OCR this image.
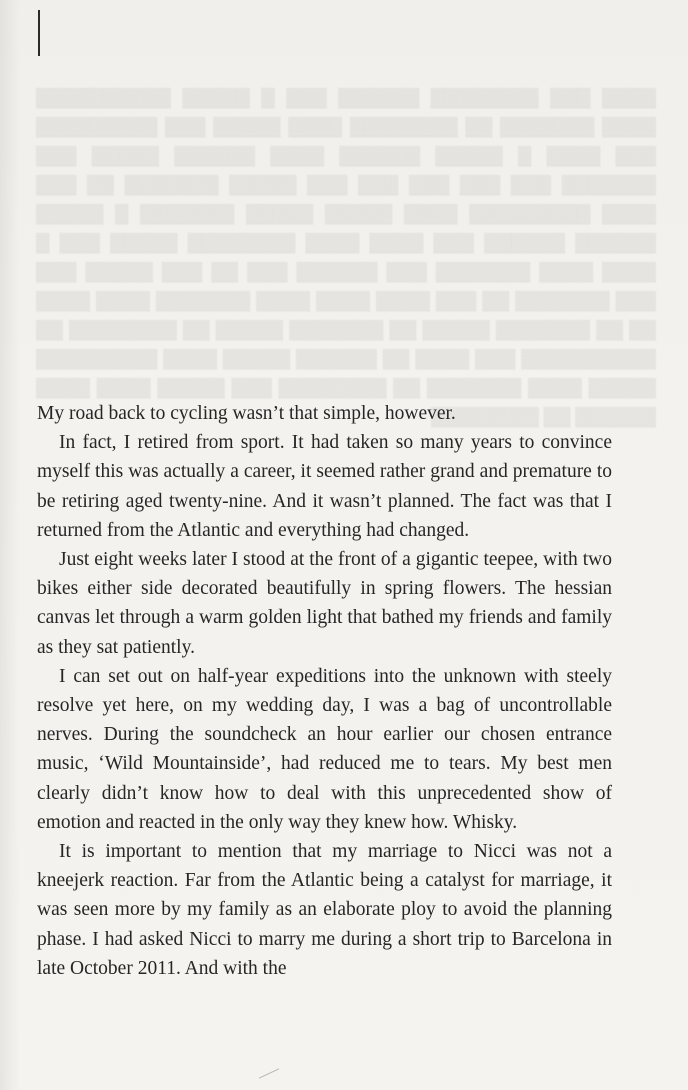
▓▓▓▓ ▓▓▓ ▓▓▓▓▓▓▓▓ ▓▓▓▓▓▓ ▓▓▓ ▓ ▓▓▓▓▓ ▓▓▓▓▓▓▓▓▓▓ ▓▓▓▓ ▓▓▓▓▓▓▓ ▓▓ ▓▓▓▓▓▓▓▓ ▓▓▓▓ ▓▓▓▓▓ ▓▓▓ ▓▓▓▓▓▓▓▓▓ ▓▓▓ ▓▓▓▓ ▓ ▓▓▓▓▓ ▓▓▓▓▓▓ ▓▓▓▓ ▓▓▓▓▓▓ ▓▓▓▓▓ ▓▓▓ ▓▓▓▓▓▓▓ ▓▓▓ ▓▓▓ ▓▓▓ ▓▓▓ ▓▓▓ ▓▓▓▓▓ ▓▓▓▓▓▓▓ ▓▓ ▓▓▓ ▓▓▓▓ ▓▓▓▓▓▓▓▓▓ ▓▓▓▓ ▓▓▓▓▓ ▓▓▓▓▓ ▓▓▓▓▓▓▓ ▓ ▓▓▓▓▓ ▓▓▓▓▓▓ ▓▓▓▓▓▓ ▓▓▓ ▓▓▓▓ ▓▓▓▓ ▓▓▓▓▓▓▓▓ ▓▓▓▓▓ ▓▓▓ ▓ ▓▓▓▓ ▓▓▓▓ ▓▓▓▓▓▓▓ ▓▓▓ ▓▓▓▓▓▓ ▓▓▓ ▓▓ ▓▓▓ ▓▓▓▓▓ ▓▓▓ ▓▓▓ ▓▓▓▓▓▓▓ ▓▓ ▓▓▓ ▓▓▓▓ ▓▓▓▓ ▓▓▓▓ ▓▓▓▓▓▓▓ ▓▓▓▓ ▓▓▓▓ ▓▓ ▓▓ ▓▓▓▓▓▓▓ ▓▓▓▓▓ ▓▓ ▓▓▓▓▓▓▓ ▓▓▓▓▓ ▓▓ ▓▓▓▓▓▓▓▓ ▓▓ ▓▓▓▓▓▓▓▓▓▓ ▓▓▓ ▓▓▓▓ ▓▓ ▓▓▓▓▓▓ ▓▓▓▓▓ ▓▓▓▓ ▓▓▓▓▓▓▓▓▓ ▓▓▓▓▓ ▓▓▓▓ ▓▓▓▓▓▓▓ ▓▓ ▓▓▓▓▓▓▓▓ ▓▓▓ ▓▓▓▓▓ ▓▓▓▓ ▓▓▓▓ ▓▓▓▓▓▓ ▓▓ ▓▓▓▓▓▓▓▓

My road back to cycling wasn’t that simple, however.

In fact, I retired from sport. It had taken so many years to convince myself this was actually a career, it seemed rather grand and premature to be retiring aged twenty-nine. And it wasn’t planned. The fact was that I returned from the Atlantic and everything had changed.

Just eight weeks later I stood at the front of a gigantic teepee, with two bikes either side decorated beautifully in spring flowers. The hessian canvas let through a warm golden light that bathed my friends and family as they sat patiently.

I can set out on half-year expeditions into the unknown with steely resolve yet here, on my wedding day, I was a bag of uncontrollable nerves. During the soundcheck an hour earlier our chosen entrance music, ‘Wild Mountainside’, had reduced me to tears. My best men clearly didn’t know how to deal with this unprecedented show of emotion and reacted in the only way they knew how. Whisky.

It is important to mention that my marriage to Nicci was not a kneejerk reaction. Far from the Atlantic being a catalyst for marriage, it was seen more by my family as an elaborate ploy to avoid the planning phase. I had asked Nicci to marry me during a short trip to Barcelona in late October 2011. And with the
